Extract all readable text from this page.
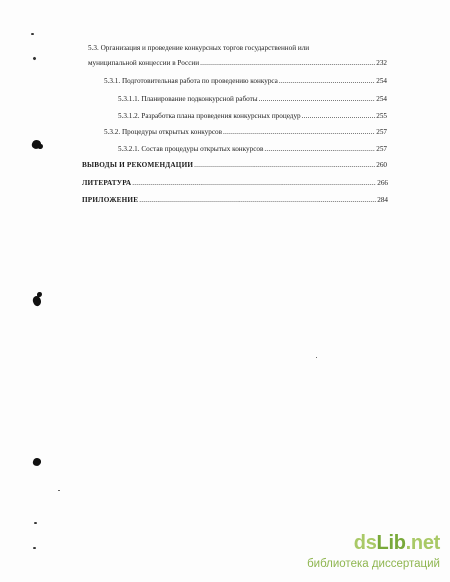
5.3. Организация и проведение конкурсных торгов государственной или
муниципальной концессии в России .....	232
5.3.1. Подготовительная работа по проведению конкурса .....	254
5.3.1.1. Планирование подконкурсной работы .....	254
5.3.1.2. Разработка плана проведения конкурсных процедур .....	255
5.3.2. Процедуры открытых конкурсов .....	257
5.3.2.1. Состав процедуры открытых конкурсов .....	257
ВЫВОДЫ И РЕКОМЕНДАЦИИ .....	260
ЛИТЕРАТУРА .....	266
ПРИЛОЖЕНИЕ .....	284
dsLib.net
библиотека диссертаций
